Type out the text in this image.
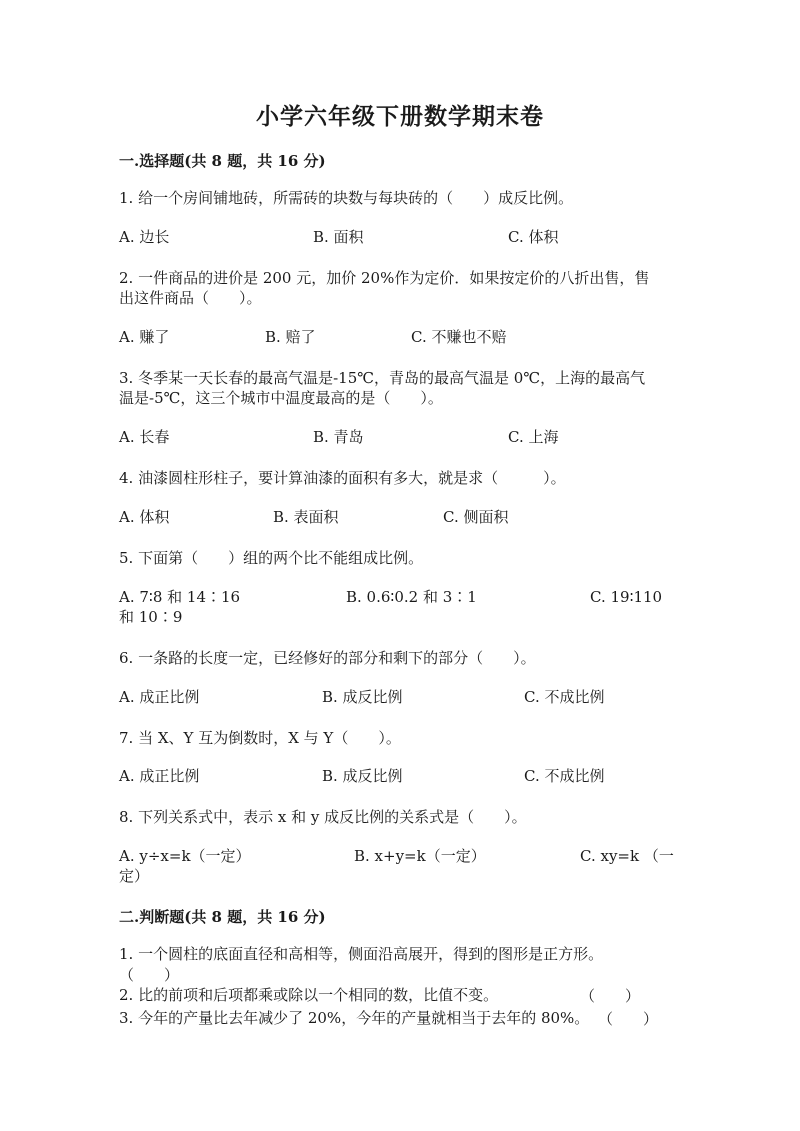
小学六年级下册数学期末卷
一.选择题(共 8 题，共 16 分)
1. 给一个房间铺地砖，所需砖的块数与每块砖的（　　）成反比例。
A. 边长	B. 面积	C. 体积
2. 一件商品的进价是 200 元，加价 20%作为定价．如果按定价的八折出售，售
出这件商品（　　）。
A. 赚了	B. 赔了	C. 不赚也不赔
3. 冬季某一天长春的最高气温是-15℃，青岛的最高气温是 0℃，上海的最高气
温是-5℃，这三个城市中温度最高的是（　　）。
A. 长春	B. 青岛	C. 上海
4. 油漆圆柱形柱子，要计算油漆的面积有多大，就是求（　　　）。
A. 体积	B. 表面积	C. 侧面积
5. 下面第（　　）组的两个比不能组成比例。
A. 7∶8 和 14∶16
和 10∶9
B. 0.6∶0.2 和 3∶1	C. 19∶110
6. 一条路的长度一定，已经修好的部分和剩下的部分（　　）。
A. 成正比例	B. 成反比例	C. 不成比例
7. 当 X、Y 互为倒数时，X 与 Y（　　）。
A. 成正比例	B. 成反比例	C. 不成比例
8. 下列关系式中，表示 x 和 y 成反比例的关系式是（　　）。
A. y÷x=k（一定）
定）
B. x+y=k（一定）	C. xy=k （一
二.判断题(共 8 题，共 16 分)
1. 一个圆柱的底面直径和高相等，侧面沿高展开，得到的图形是正方形。
（　　）
2. 比的前项和后项都乘或除以一个相同的数，比值不变。	（　　）
3. 今年的产量比去年减少了 20%，今年的产量就相当于去年的 80%。 （　　）
